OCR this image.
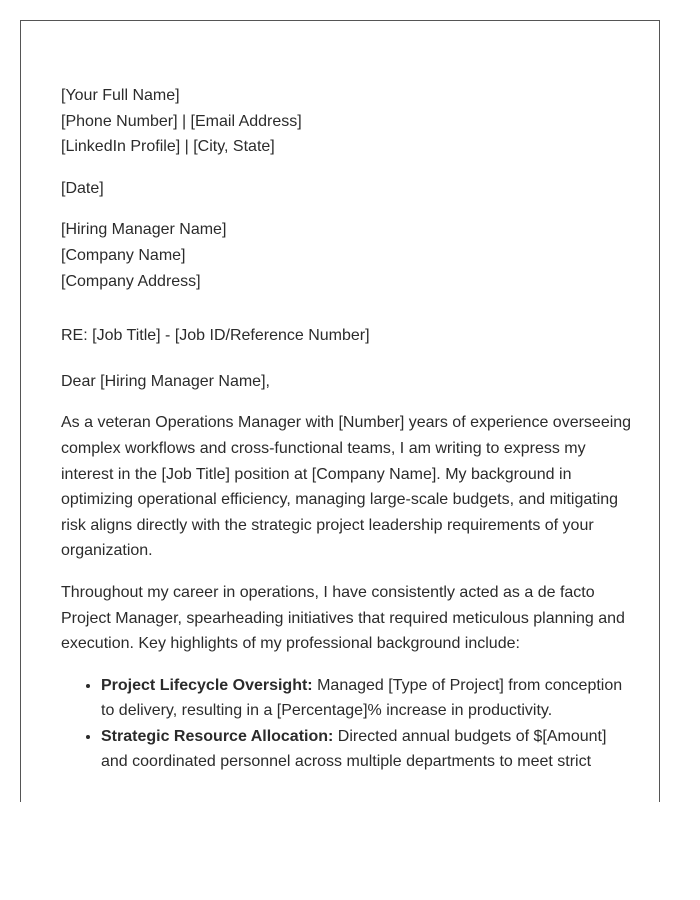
[Your Full Name]
[Phone Number] | [Email Address]
[LinkedIn Profile] | [City, State]
[Date]
[Hiring Manager Name]
[Company Name]
[Company Address]
RE: [Job Title] - [Job ID/Reference Number]
Dear [Hiring Manager Name],

As a veteran Operations Manager with [Number] years of experience overseeing complex workflows and cross-functional teams, I am writing to express my interest in the [Job Title] position at [Company Name]. My background in optimizing operational efficiency, managing large-scale budgets, and mitigating risk aligns directly with the strategic project leadership requirements of your organization.

Throughout my career in operations, I have consistently acted as a de facto Project Manager, spearheading initiatives that required meticulous planning and execution. Key highlights of my professional background include:

• Project Lifecycle Oversight: Managed [Type of Project] from conception to delivery, resulting in a [Percentage]% increase in productivity.
• Strategic Resource Allocation: Directed annual budgets of $[Amount] and coordinated personnel across multiple departments to meet strict
